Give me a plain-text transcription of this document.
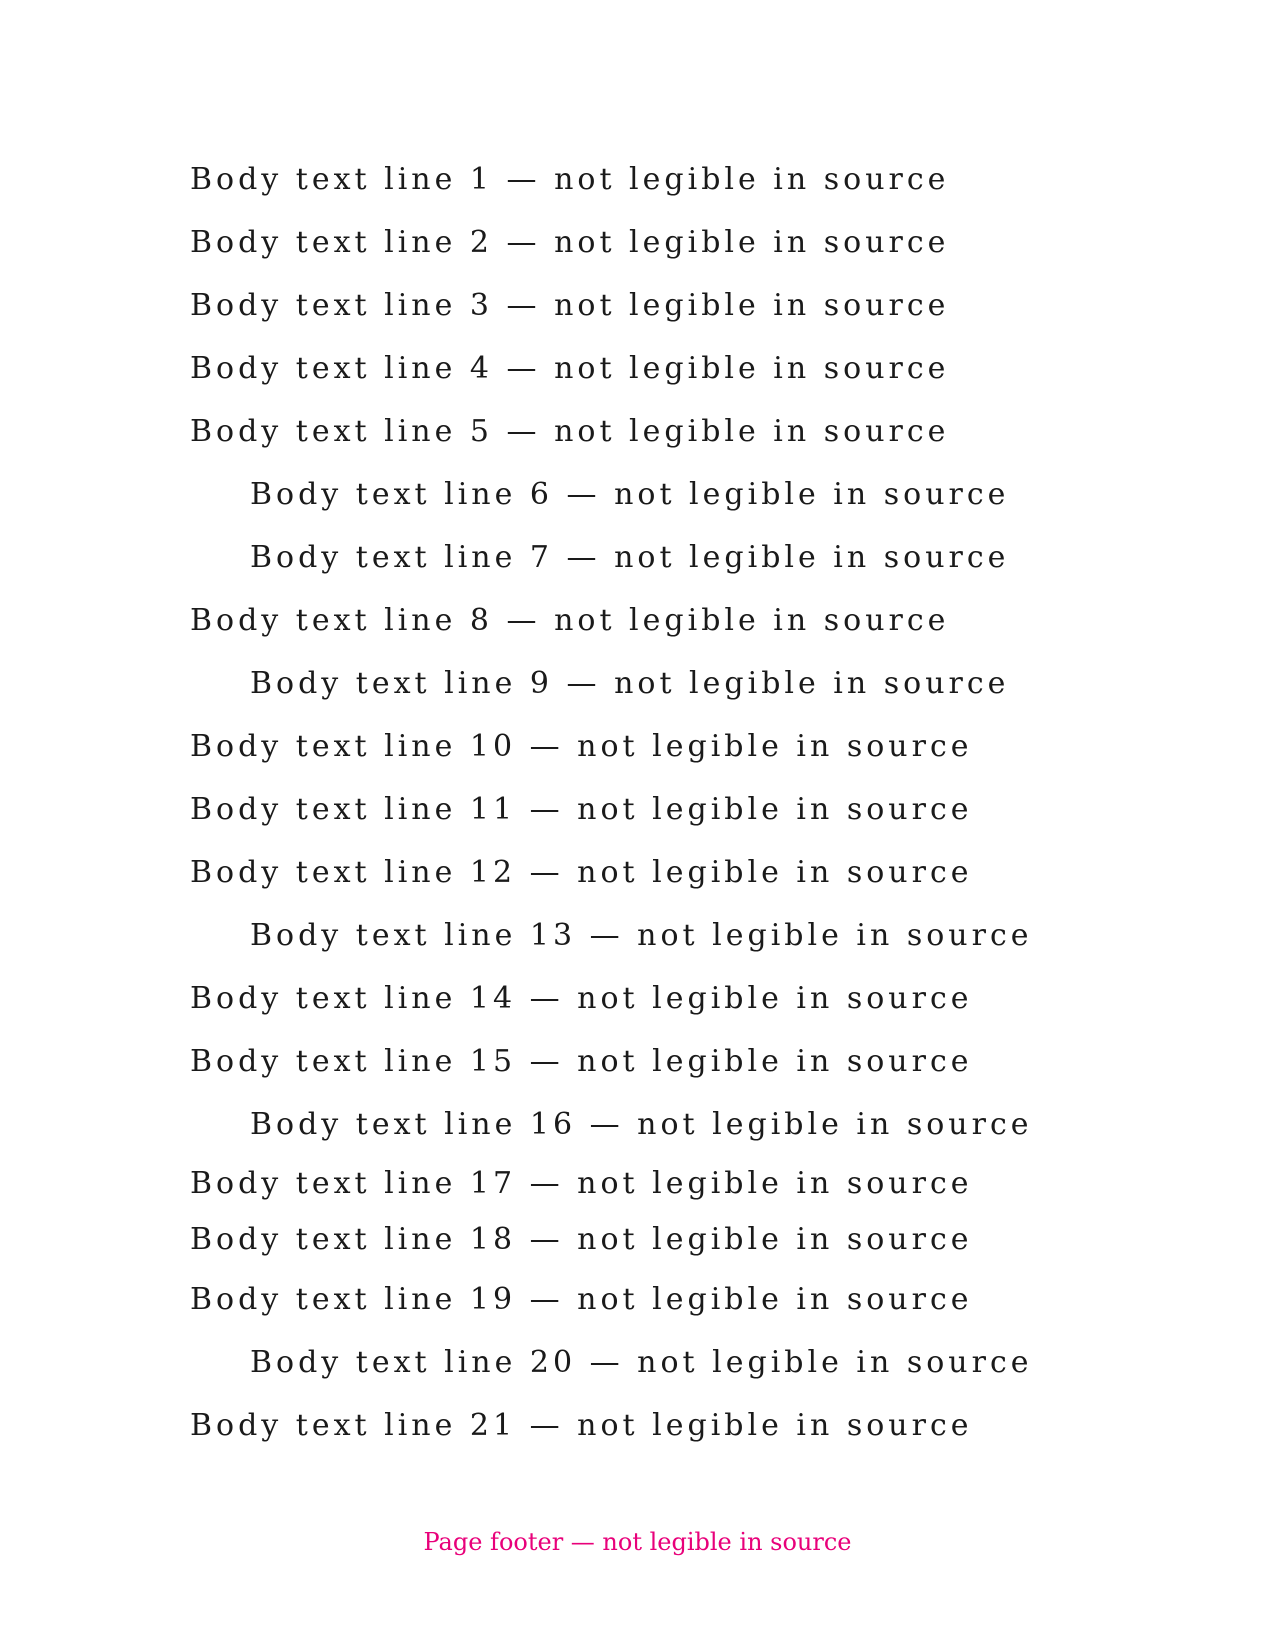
Body text line 1 — not legible in source
Body text line 2 — not legible in source
Body text line 3 — not legible in source
Body text line 4 — not legible in source
Body text line 5 — not legible in source
Body text line 6 — not legible in source
Body text line 7 — not legible in source
Body text line 8 — not legible in source
Body text line 9 — not legible in source
Body text line 10 — not legible in source
Body text line 11 — not legible in source
Body text line 12 — not legible in source
Body text line 13 — not legible in source
Body text line 14 — not legible in source
Body text line 15 — not legible in source
Body text line 16 — not legible in source
Body text line 17 — not legible in source
Body text line 18 — not legible in source
Body text line 19 — not legible in source
Body text line 20 — not legible in source
Body text line 21 — not legible in source
Page footer — not legible in source
